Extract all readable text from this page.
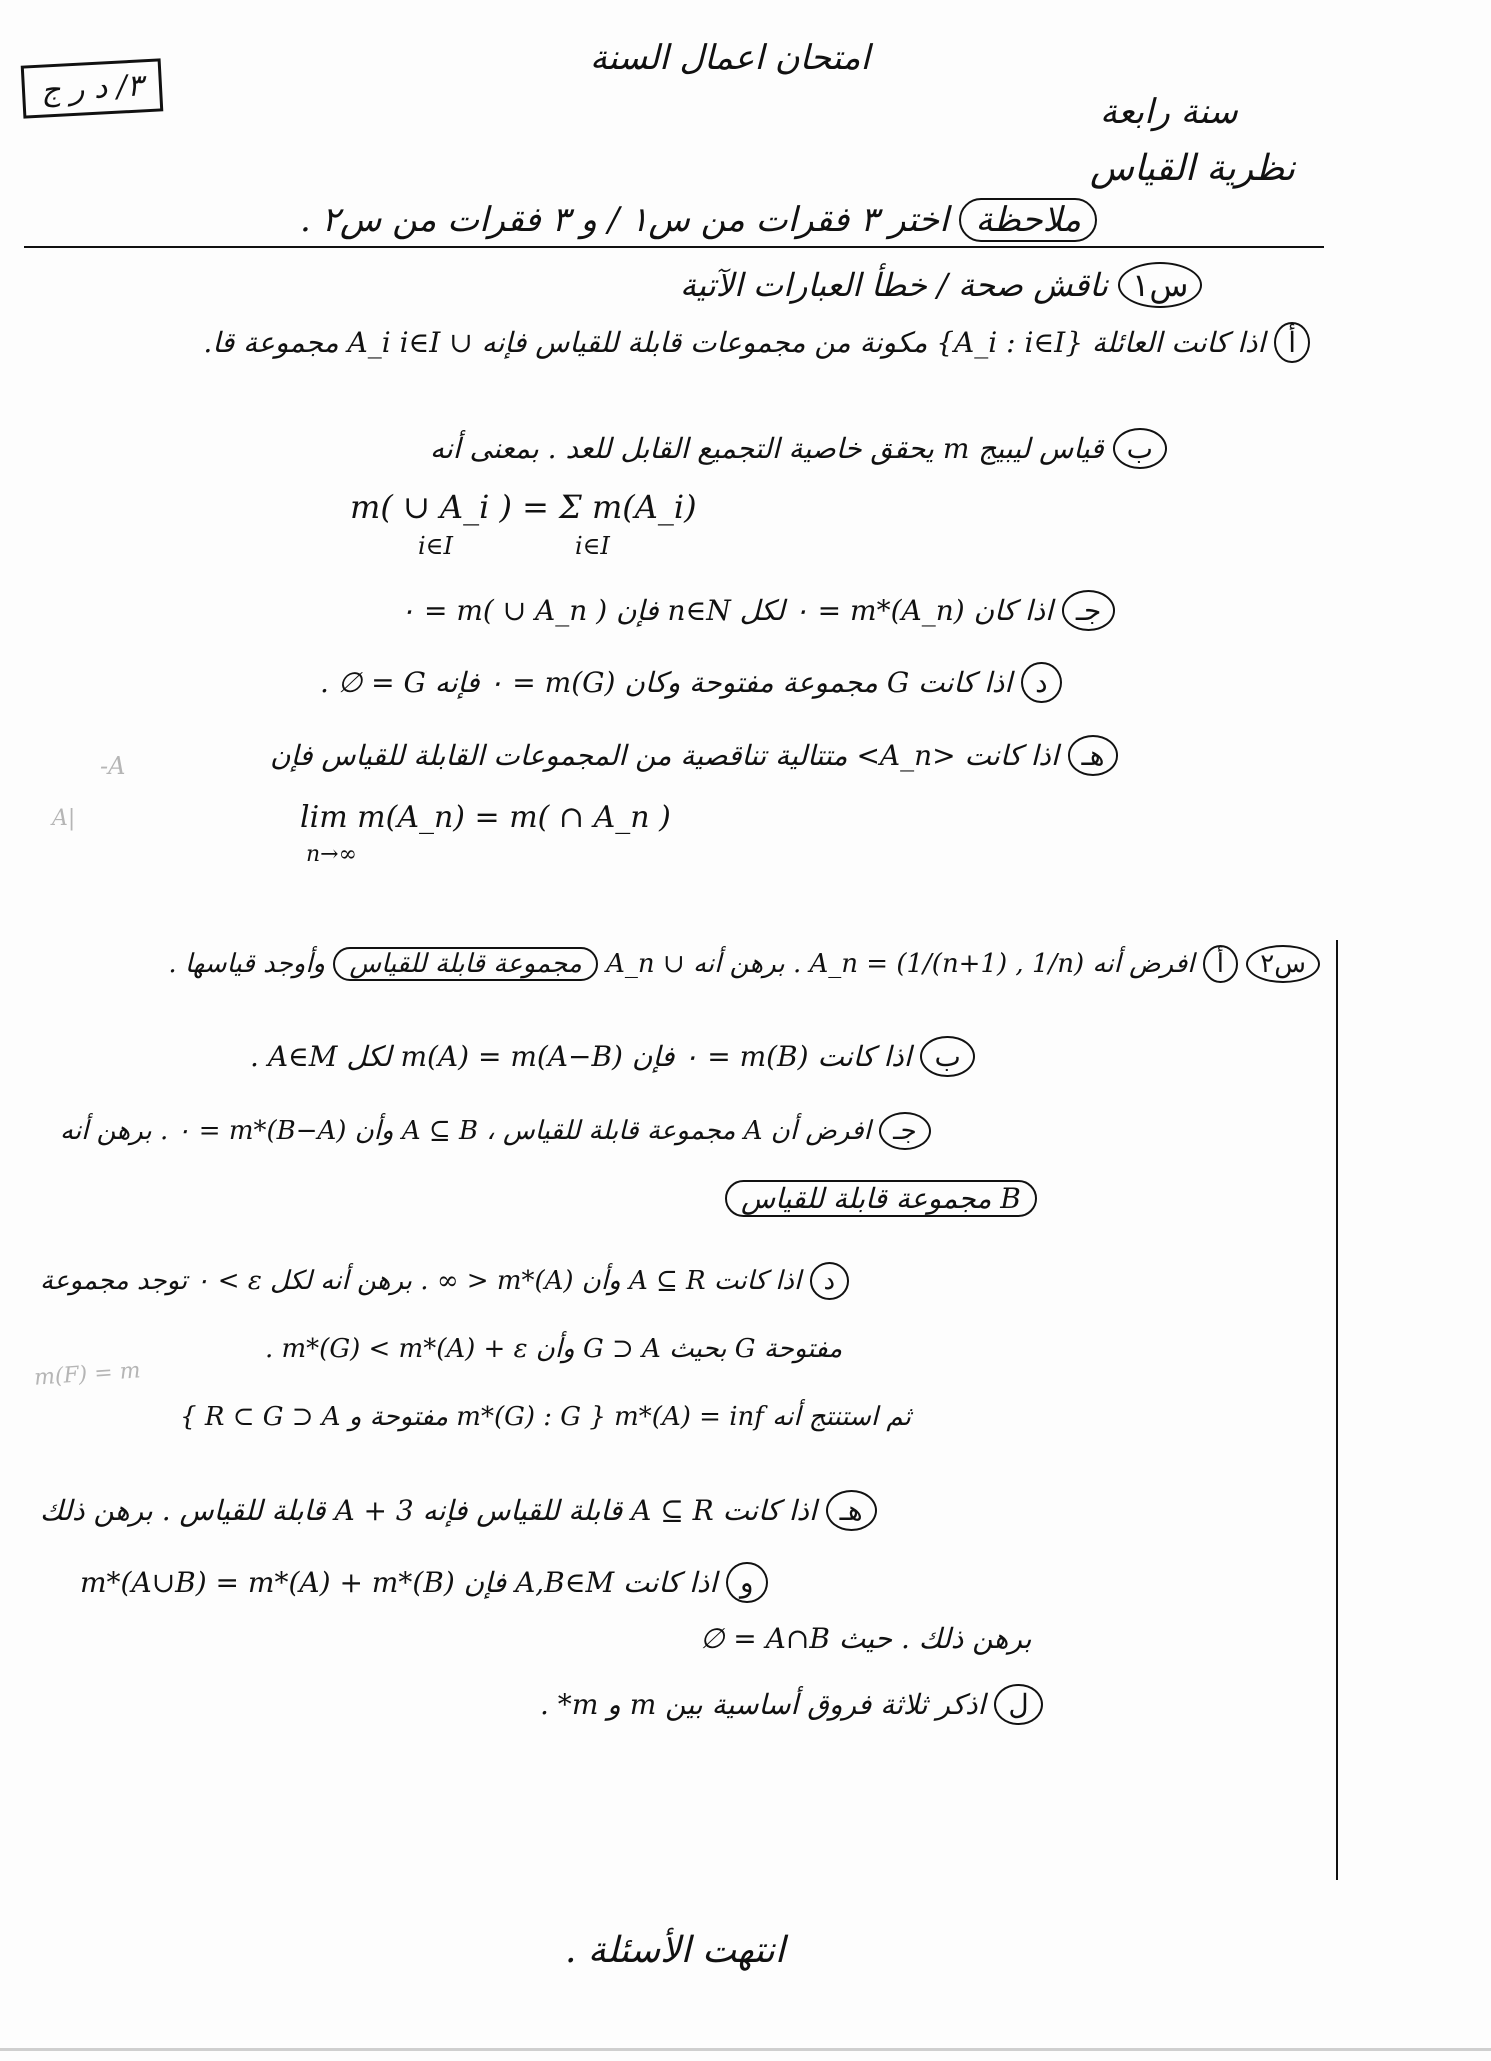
٣/ د ر ج
امتحان اعمال السنة
سنة رابعة
نظرية القياس
ملاحظة اختر ٣ فقرات من س١ / و ٣ فقرات من س٢ .
س١ ناقش صحة / خطأ العبارات الآتية
أ اذا كانت العائلة {A_i : i∈I} مكونة من مجموعات قابلة للقياس فإنه ∪ A_i i∈I مجموعة قا.
ب قياس ليبيج m يحقق خاصية التجميع القابل للعد . بمعنى أنه
m( ∪ A_i ) = Σ m(A_i)
i∈I                i∈I
جـ اذا كان m*(A_n) = ٠ لكل n∈N فإن m( ∪ A_n ) = ٠
د اذا كانت G مجموعة مفتوحة وكان m(G) = ٠ فإنه G = ∅ .
هـ اذا كانت <A_n> متتالية تناقصية من المجموعات القابلة للقياس فإن
lim m(A_n) = m( ∩ A_n )
n→∞
س٢ أ افرض أنه A_n = (1/(n+1) , 1/n) . برهن أنه ∪ A_n مجموعة قابلة للقياس وأوجد قياسها .
ب اذا كانت m(B) = ٠ فإن m(A) = m(A−B) لكل A∈M .
جـ افرض أن A مجموعة قابلة للقياس ، A ⊆ B وأن m*(B−A) = ٠ . برهن أنه
B مجموعة قابلة للقياس
د اذا كانت A ⊆ R وأن m*(A) < ∞ . برهن أنه لكل ε > ٠ توجد مجموعة
مفتوحة G بحيث G ⊃ A وأن m*(G) < m*(A) + ε .
ثم استنتج أنه m*(A) = inf { m*(G) : G مفتوحة و R ⊂ G ⊃ A }
هـ اذا كانت A ⊆ R قابلة للقياس فإنه A + 3 قابلة للقياس . برهن ذلك
و اذا كانت A,B∈M فإن m*(A∪B) = m*(A) + m*(B)
برهن ذلك . حيث A∩B = ∅
ل اذكر ثلاثة فروق أساسية بين m و m* .
-A
A|
m(F) = m
انتهت الأسئلة .
